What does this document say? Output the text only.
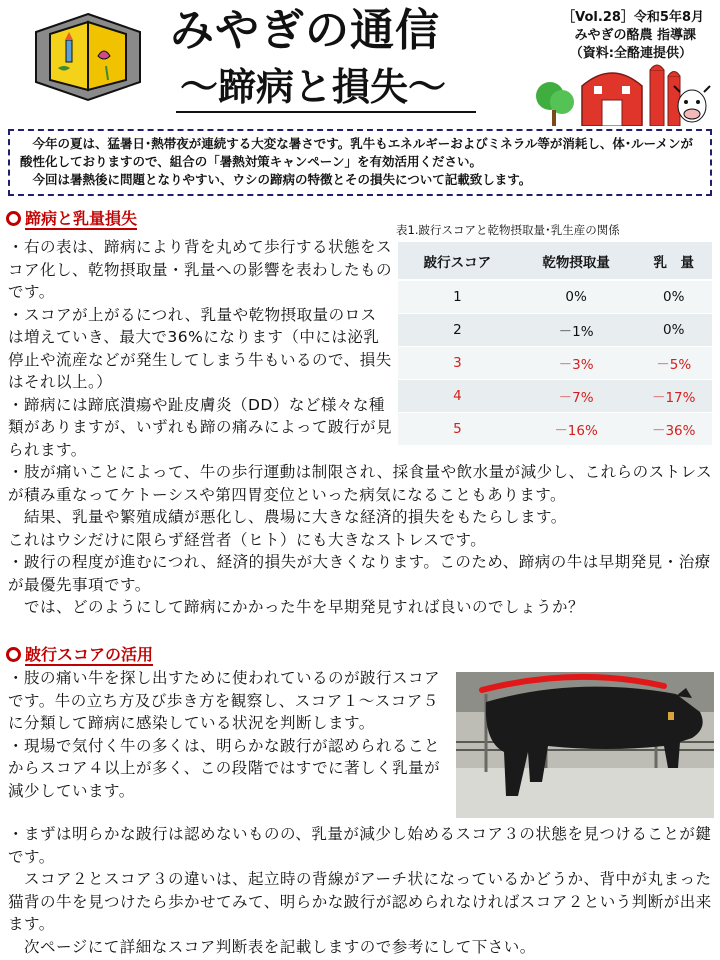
みやぎの通信
～蹄病と損失～
［Vol.28］令和5年8月
みやぎの酪農 指導課
（資料:全酪連提供）

今年の夏は、猛暑日･熱帯夜が連続する大変な暑さです。乳牛もエネルギーおよびミネラル等が消耗し、体･ルーメンが酸性化しておりますので、組合の「暑熱対策キャンペーン」を有効活用ください。

今回は暑熱後に問題となりやすい、ウシの蹄病の特徴とその損失について記載致します。

蹄病と乳量損失

・右の表は、蹄病により背を丸めて歩行する状態をスコア化し、乾物摂取量・乳量への影響を表わしたものです。

・スコアが上がるにつれ、乳量や乾物摂取量のロスは増えていき、最大で36%になります（中には泌乳停止や流産などが発生してしまう牛もいるので、損失はそれ以上。）

・蹄病には蹄底潰瘍や趾皮膚炎（DD）など様々な種類がありますが、いずれも蹄の痛みによって跛行が見られます。

表1.跛行スコアと乾物摂取量･乳生産の関係
跛行スコア	乾物摂取量	乳　量
1	0%	0%
2	－1%	0%
3	－3%	－5%
4	－7%	－17%
5	－16%	－36%

・肢が痛いことによって、牛の歩行運動は制限され、採食量や飲水量が減少し、これらのストレスが積み重なってケトーシスや第四胃変位といった病気になることもあります。

　結果、乳量や繁殖成績が悪化し、農場に大きな経済的損失をもたらします。

これはウシだけに限らず経営者（ヒト）にも大きなストレスです。

・跛行の程度が進むにつれ、経済的損失が大きくなります。このため、蹄病の牛は早期発見・治療が最優先事項です。

　では、どのようにして蹄病にかかった牛を早期発見すれば良いのでしょうか？

跛行スコアの活用

・肢の痛い牛を探し出すために使われているのが跛行スコアです。牛の立ち方及び歩き方を観察し、スコア１～スコア５に分類して蹄病に感染している状況を判断します。

・現場で気付く牛の多くは、明らかな跛行が認められることからスコア４以上が多く、この段階ではすでに著しく乳量が減少しています。

・まずは明らかな跛行は認めないものの、乳量が減少し始めるスコア３の状態を見つけることが鍵です。

　スコア２とスコア３の違いは、起立時の背線がアーチ状になっているかどうか、背中が丸まった猫背の牛を見つけたら歩かせてみて、明らかな跛行が認められなければスコア２という判断が出来ます。

　次ページにて詳細なスコア判断表を記載しますので参考にして下さい。
